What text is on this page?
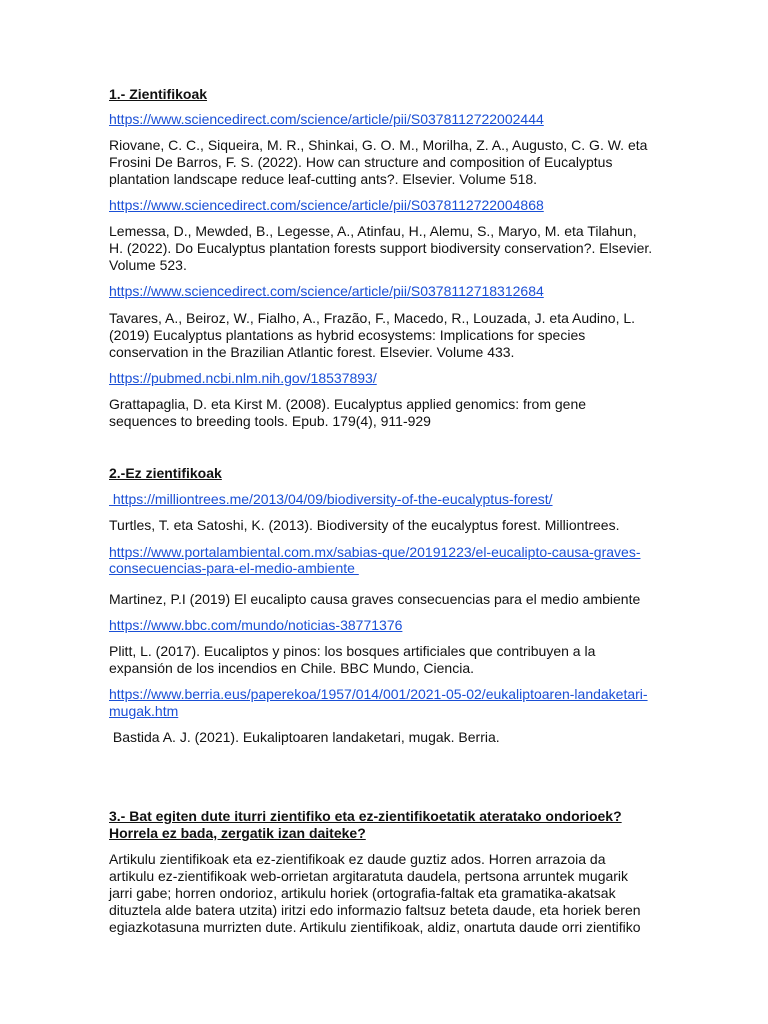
1.- Zientifikoak
https://www.sciencedirect.com/science/article/pii/S0378112722002444

Riovane, C. C., Siqueira, M. R., Shinkai, G. O. M., Morilha, Z. A., Augusto, C. G. W. eta Frosini De Barros, F. S. (2022). How can structure and composition of Eucalyptus plantation landscape reduce leaf-cutting ants?. Elsevier. Volume 518.

https://www.sciencedirect.com/science/article/pii/S0378112722004868

Lemessa, D., Mewded, B., Legesse, A., Atinfau, H., Alemu, S., Maryo, M. eta Tilahun, H. (2022). Do Eucalyptus plantation forests support biodiversity conservation?. Elsevier. Volume 523.

https://www.sciencedirect.com/science/article/pii/S0378112718312684

Tavares, A., Beiroz, W., Fialho, A., Frazão, F., Macedo, R., Louzada, J. eta Audino, L. (2019) Eucalyptus plantations as hybrid ecosystems: Implications for species conservation in the Brazilian Atlantic forest. Elsevier. Volume 433.

https://pubmed.ncbi.nlm.nih.gov/18537893/

Grattapaglia, D. eta Kirst M. (2008). Eucalyptus applied genomics: from gene sequences to breeding tools. Epub. 179(4), 911-929

2.-Ez zientifikoak
https://milliontrees.me/2013/04/09/biodiversity-of-the-eucalyptus-forest/

Turtles, T. eta Satoshi, K. (2013). Biodiversity of the eucalyptus forest. Milliontrees.

https://www.portalambiental.com.mx/sabias-que/20191223/el-eucalipto-causa-graves-
consecuencias-para-el-medio-ambiente

Martinez, P.I (2019) El eucalipto causa graves consecuencias para el medio ambiente

https://www.bbc.com/mundo/noticias-38771376

Plitt, L. (2017). Eucaliptos y pinos: los bosques artificiales que contribuyen a la expansión de los incendios en Chile. BBC Mundo, Ciencia.

https://www.berria.eus/paperekoa/1957/014/001/2021-05-02/eukaliptoaren-landaketari-
mugak.htm

Bastida A. J. (2021). Eukaliptoaren landaketari, mugak. Berria.

3.- Bat egiten dute iturri zientifiko eta ez-zientifikoetatik ateratako ondorioek?
Horrela ez bada, zergatik izan daiteke?

Artikulu zientifikoak eta ez-zientifikoak ez daude guztiz ados. Horren arrazoia da artikulu ez-zientifikoak web-orrietan argitaratuta daudela, pertsona arruntek mugarik jarri gabe; horren ondorioz, artikulu horiek (ortografia-faltak eta gramatika-akatsak dituztela alde batera utzita) iritzi edo informazio faltsuz beteta daude, eta horiek beren egiazkotasuna murrizten dute. Artikulu zientifikoak, aldiz, onartuta daude orri zientifiko
